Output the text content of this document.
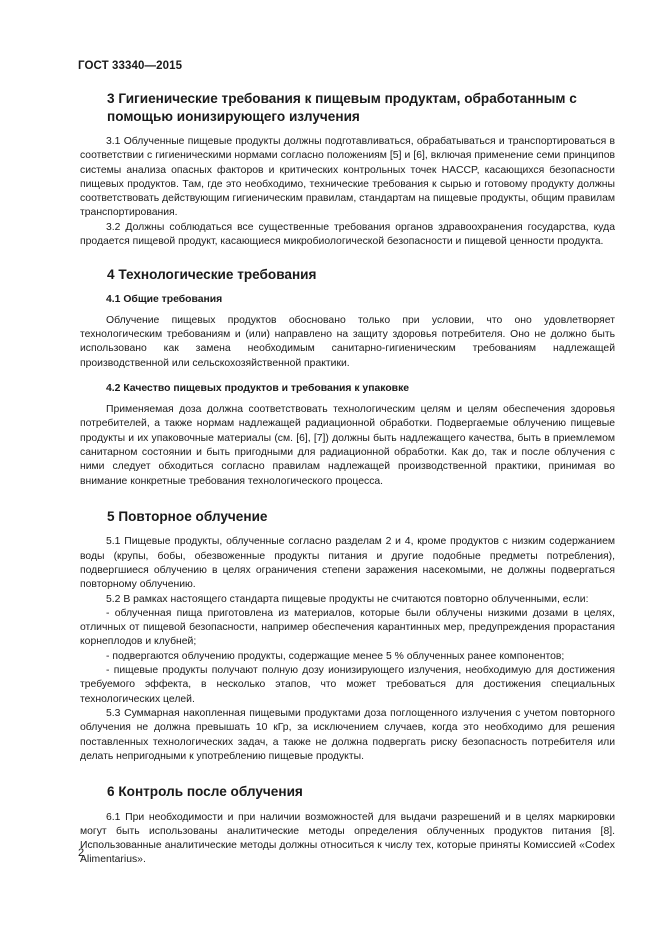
ГОСТ 33340—2015
3 Гигиенические требования к пищевым продуктам, обработанным с помощью ионизирующего излучения

3.1 Облученные пищевые продукты должны подготавливаться, обрабатываться и транспортироваться в соответствии с гигиеническими нормами согласно положениям [5] и [6], включая применение семи принципов системы анализа опасных факторов и критических контрольных точек HACCP, касающихся безопасности пищевых продуктов. Там, где это необходимо, технические требования к сырью и готовому продукту должны соответствовать действующим гигиеническим правилам, стандартам на пищевые продукты, общим правилам транспортирования.

3.2 Должны соблюдаться все существенные требования органов здравоохранения государства, куда продается пищевой продукт, касающиеся микробиологической безопасности и пищевой ценности продукта.

4 Технологические требования
4.1 Общие требования

Облучение пищевых продуктов обосновано только при условии, что оно удовлетворяет технологическим требованиям и (или) направлено на защиту здоровья потребителя. Оно не должно быть использовано как замена необходимым санитарно-гигиеническим требованиям надлежащей производственной или сельскохозяйственной практики.

4.2 Качество пищевых продуктов и требования к упаковке

Применяемая доза должна соответствовать технологическим целям и целям обеспечения здоровья потребителей, а также нормам надлежащей радиационной обработки. Подвергаемые облучению пищевые продукты и их упаковочные материалы (см. [6], [7]) должны быть надлежащего качества, быть в приемлемом санитарном состоянии и быть пригодными для радиационной обработки. Как до, так и после облучения с ними следует обходиться согласно правилам надлежащей производственной практики, принимая во внимание конкретные требования технологического процесса.

5 Повторное облучение

5.1 Пищевые продукты, облученные согласно разделам 2 и 4, кроме продуктов с низким содержанием воды (крупы, бобы, обезвоженные продукты питания и другие подобные предметы потребления), подвергшиеся облучению в целях ограничения степени заражения насекомыми, не должны подвергаться повторному облучению.

5.2 В рамках настоящего стандарта пищевые продукты не считаются повторно облученными, если:

- облученная пища приготовлена из материалов, которые были облучены низкими дозами в целях, отличных от пищевой безопасности, например обеспечения карантинных мер, предупреждения прорастания корнеплодов и клубней;

- подвергаются облучению продукты, содержащие менее 5 % облученных ранее компонентов;

- пищевые продукты получают полную дозу ионизирующего излучения, необходимую для достижения требуемого эффекта, в несколько этапов, что может требоваться для достижения специальных технологических целей.

5.3 Суммарная накопленная пищевыми продуктами доза поглощенного излучения с учетом повторного облучения не должна превышать 10 кГр, за исключением случаев, когда это необходимо для решения поставленных технологических задач, а также не должна подвергать риску безопасность потребителя или делать непригодными к употреблению пищевые продукты.

6 Контроль после облучения

6.1 При необходимости и при наличии возможностей для выдачи разрешений и в целях маркировки могут быть использованы аналитические методы определения облученных продуктов питания [8]. Использованные аналитические методы должны относиться к числу тех, которые приняты Комиссией «Codex Alimentarius».

2
